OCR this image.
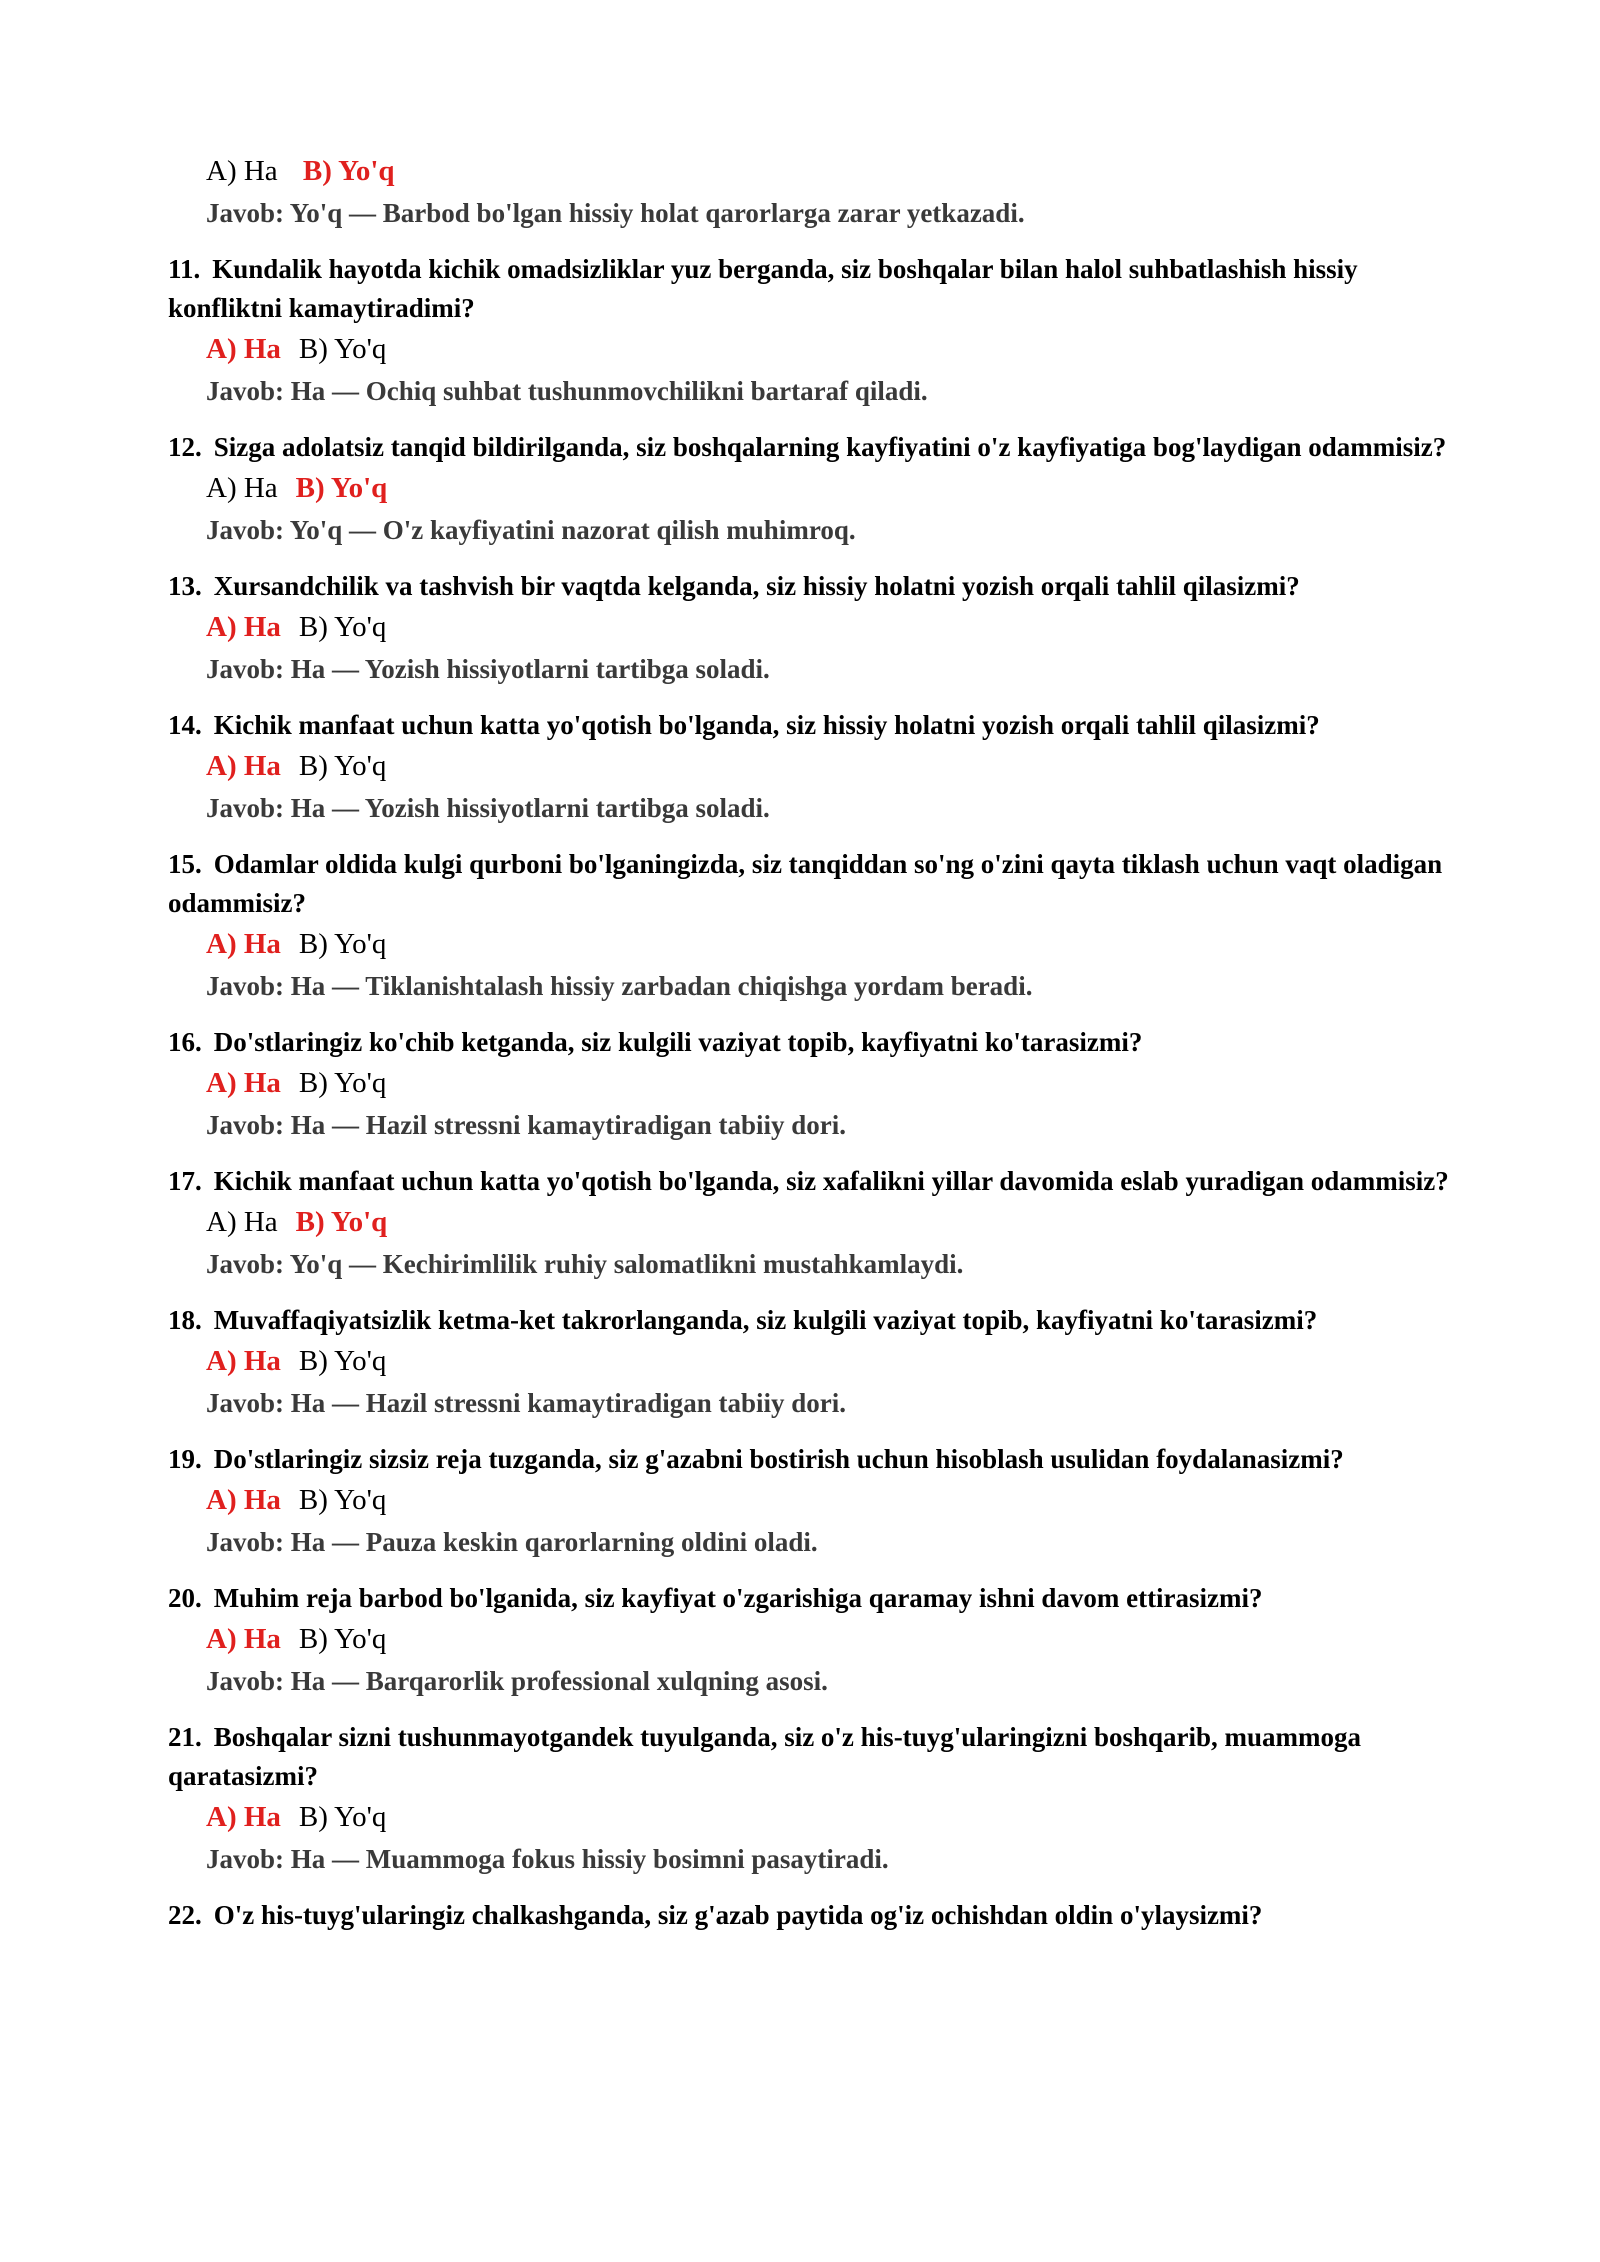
A) Ha B) Yo'q
Javob: Yo'q — Barbod bo'lgan hissiy holat qarorlarga zarar yetkazadi.
11. Kundalik hayotda kichik omadsizliklar yuz berganda, siz boshqalar bilan halol suhbatlashish hissiy konfliktni kamaytiradimi?
A) Ha B) Yo'q
Javob: Ha — Ochiq suhbat tushunmovchilikni bartaraf qiladi.
12. Sizga adolatsiz tanqid bildirilganda, siz boshqalarning kayfiyatini o'z kayfiyatiga bog'laydigan odammisiz?
A) Ha B) Yo'q
Javob: Yo'q — O'z kayfiyatini nazorat qilish muhimroq.
13. Xursandchilik va tashvish bir vaqtda kelganda, siz hissiy holatni yozish orqali tahlil qilasizmi?
A) Ha B) Yo'q
Javob: Ha — Yozish hissiyotlarni tartibga soladi.
14. Kichik manfaat uchun katta yo'qotish bo'lganda, siz hissiy holatni yozish orqali tahlil qilasizmi?
A) Ha B) Yo'q
Javob: Ha — Yozish hissiyotlarni tartibga soladi.
15. Odamlar oldida kulgi qurboni bo'lganingizda, siz tanqiddan so'ng o'zini qayta tiklash uchun vaqt oladigan odammisiz?
A) Ha B) Yo'q
Javob: Ha — Tiklanishtalash hissiy zarbadan chiqishga yordam beradi.
16. Do'stlaringiz ko'chib ketganda, siz kulgili vaziyat topib, kayfiyatni ko'tarasizmi?
A) Ha B) Yo'q
Javob: Ha — Hazil stressni kamaytiradigan tabiiy dori.
17. Kichik manfaat uchun katta yo'qotish bo'lganda, siz xafalikni yillar davomida eslab yuradigan odammisiz?
A) Ha B) Yo'q
Javob: Yo'q — Kechirimlilik ruhiy salomatlikni mustahkamlaydi.
18. Muvaffaqiyatsizlik ketma-ket takrorlanganda, siz kulgili vaziyat topib, kayfiyatni ko'tarasizmi?
A) Ha B) Yo'q
Javob: Ha — Hazil stressni kamaytiradigan tabiiy dori.
19. Do'stlaringiz sizsiz reja tuzganda, siz g'azabni bostirish uchun hisoblash usulidan foydalanasizmi?
A) Ha B) Yo'q
Javob: Ha — Pauza keskin qarorlarning oldini oladi.
20. Muhim reja barbod bo'lganida, siz kayfiyat o'zgarishiga qaramay ishni davom ettirasizmi?
A) Ha B) Yo'q
Javob: Ha — Barqarorlik professional xulqning asosi.
21. Boshqalar sizni tushunmayotgandek tuyulganda, siz o'z his-tuyg'ularingizni boshqarib, muammoga qaratasizmi?
A) Ha B) Yo'q
Javob: Ha — Muammoga fokus hissiy bosimni pasaytiradi.
22. O'z his-tuyg'ularingiz chalkashganda, siz g'azab paytida og'iz ochishdan oldin o'ylaysizmi?
